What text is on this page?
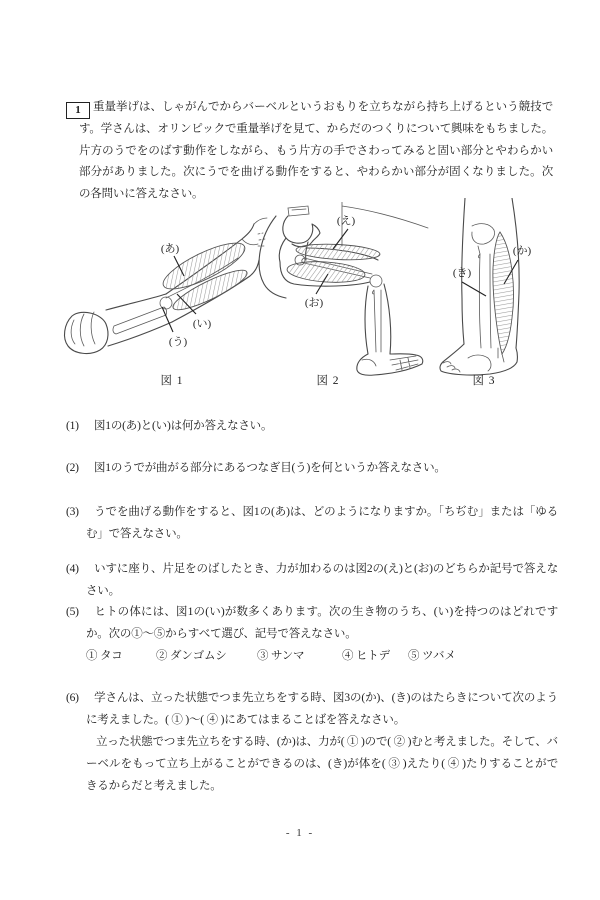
1	重量挙げは、しゃがんでからバーベルというおもりを立ちながら持ち上げるという競技です。学さんは、オリンピックで重量挙げを見て、からだのつくりについて興味をもちました。片方のうでをのばす動作をしながら、もう片方の手でさわってみると固い部分とやわらかい部分がありました。次にうでを曲げる動作をすると、やわらかい部分が固くなりました。次の各問いに答えなさい。
(あ)
(い)
(う)
図 1
(え)
(お)
図 2
(か)
(き)
図 3
(1) 図1の(あ)と(い)は何か答えなさい。
(2) 図1のうでが曲がる部分にあるつなぎ目(う)を何というか答えなさい。
(3) うでを曲げる動作をすると、図1の(あ)は、どのようになりますか。「ちぢむ」または「ゆるむ」で答えなさい。
(4) いすに座り、片足をのばしたとき、力が加わるのは図2の(え)と(お)のどちらか記号で答えなさい。
(5) ヒトの体には、図1の(い)が数多くあります。次の生き物のうち、(い)を持つのはどれですか。次の①〜⑤からすべて選び、記号で答えなさい。
① タコ	② ダンゴムシ	③ サンマ	④ ヒトデ	⑤ ツバメ
(6) 学さんは、立った状態でつま先立ちをする時、図3の(か)、(き)のはたらきについて次のように考えました。( ① )〜( ④ )にあてはまることばを答えなさい。
立った状態でつま先立ちをする時、(か)は、力が( ① )ので( ② )むと考えました。そして、バーベルをもって立ち上がることができるのは、(き)が体を( ③ )えたり( ④ )たりすることができるからだと考えました。
- 1 -
